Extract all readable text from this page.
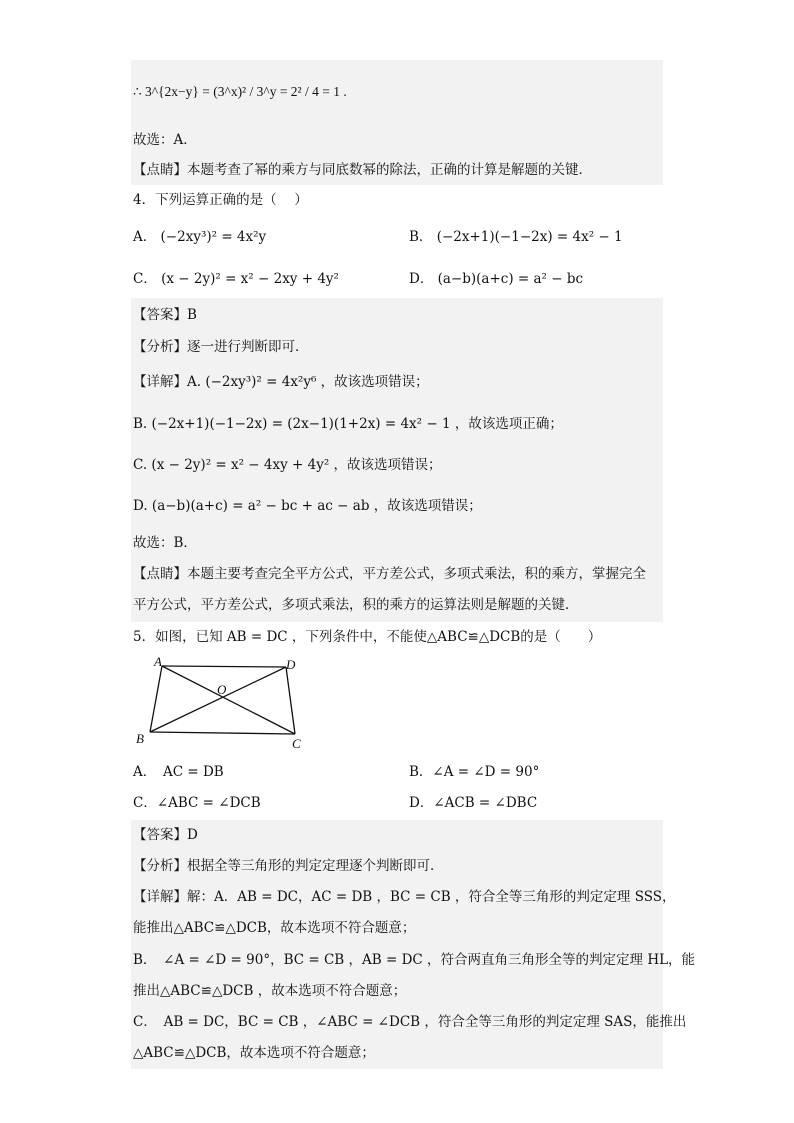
∴ 3^{2x−y} = (3^x)² / 3^y = 2² / 4 = 1 .
故选：A．
【点睛】本题考查了幂的乘方与同底数幂的除法，正确的计算是解题的关键．
4．下列运算正确的是（　 ）
A． (−2xy³)² = 4x²y	B． (−2x+1)(−1−2x) = 4x² − 1
C． (x − 2y)² = x² − 2xy + 4y²	D． (a−b)(a+c) = a² − bc
【答案】B
【分析】逐一进行判断即可．
【详解】A. (−2xy³)² = 4x²y⁶ ，故该选项错误；
B. (−2x+1)(−1−2x) = (2x−1)(1+2x) = 4x² − 1 ，故该选项正确；
C. (x − 2y)² = x² − 4xy + 4y² ，故该选项错误；
D. (a−b)(a+c) = a² − bc + ac − ab ，故该选项错误；
故选：B．
【点睛】本题主要考查完全平方公式，平方差公式，多项式乘法，积的乘方，掌握完全
平方公式，平方差公式，多项式乘法，积的乘方的运算法则是解题的关键．
5．如图，已知 AB = DC ，下列条件中，不能使△ABC≌△DCB的是（　　）
A	D
O
B	C
A．　AC = DB	B．∠A = ∠D = 90°
C．∠ABC = ∠DCB	D．∠ACB = ∠DBC
【答案】D
【分析】根据全等三角形的判定定理逐个判断即可．
【详解】解：A．AB = DC，AC = DB ，BC = CB ，符合全等三角形的判定定理 SSS，
能推出△ABC≌△DCB，故本选项不符合题意；
B．　∠A = ∠D = 90°，BC = CB ，AB = DC ，符合两直角三角形全等的判定定理 HL，能
推出△ABC≌△DCB ，故本选项不符合题意；
C．　AB = DC，BC = CB ，∠ABC = ∠DCB ，符合全等三角形的判定定理 SAS，能推出
△ABC≌△DCB，故本选项不符合题意；
